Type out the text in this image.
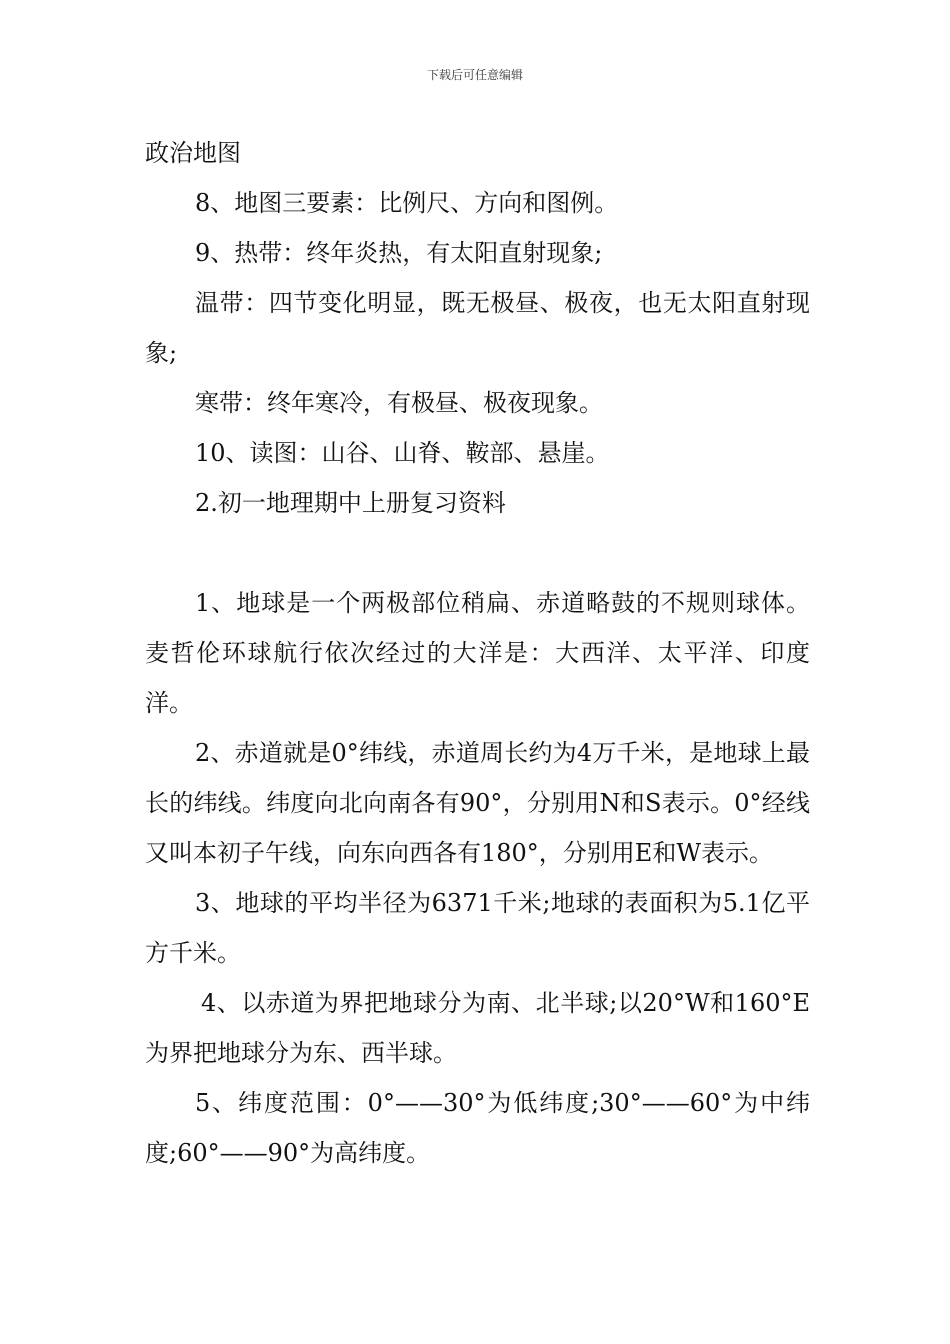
下载后可任意编辑

政治地图

8、地图三要素：比例尺、方向和图例。

9、热带：终年炎热，有太阳直射现象;

温带：四节变化明显，既无极昼、极夜，也无太阳直射现象;

寒带：终年寒冷，有极昼、极夜现象。

10、读图：山谷、山脊、鞍部、悬崖。

2.初一地理期中上册复习资料

1、地球是一个两极部位稍扁、赤道略鼓的不规则球体。麦哲伦环球航行依次经过的大洋是：大西洋、太平洋、印度洋。

2、赤道就是0°纬线，赤道周长约为4万千米，是地球上最长的纬线。纬度向北向南各有90°，分别用N和S表示。0°经线又叫本初子午线，向东向西各有180°，分别用E和W表示。

3、地球的平均半径为6371千米;地球的表面积为5.1亿平方千米。

4、以赤道为界把地球分为南、北半球;以20°W和160°E为界把地球分为东、西半球。

5、纬度范围：0°——30°为低纬度;30°——60°为中纬度;60°——90°为高纬度。
